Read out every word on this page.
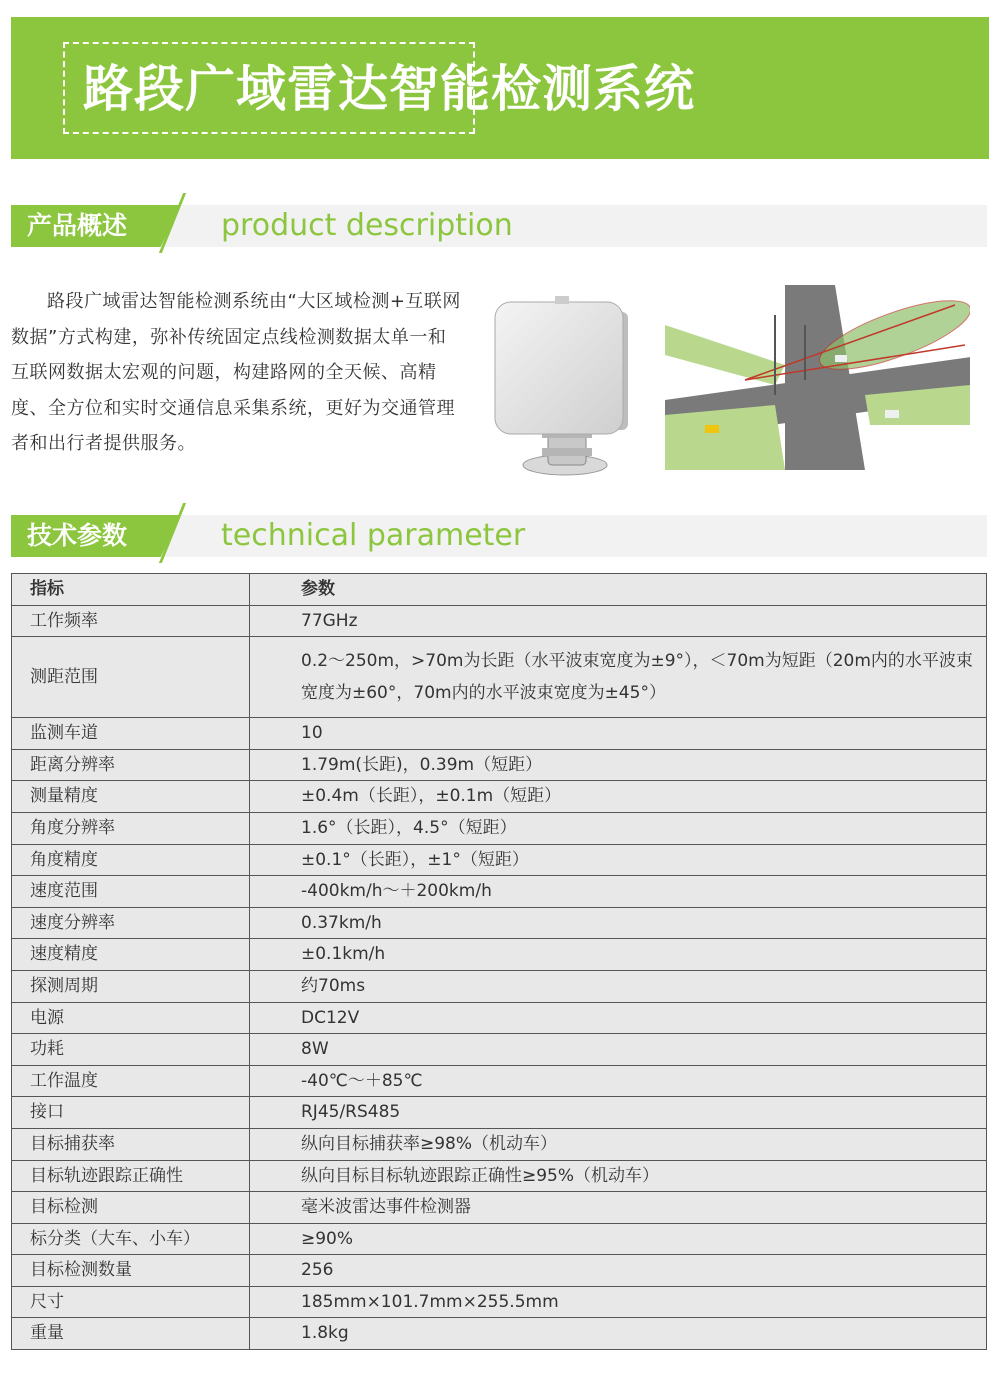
路段广域雷达智能检测系统
产品概述	product description
路段广域雷达智能检测系统由“大区域检测+互联网数据”方式构建，弥补传统固定点线检测数据太单一和互联网数据太宏观的问题，构建路网的全天候、高精度、全方位和实时交通信息采集系统，更好为交通管理者和出行者提供服务。
技术参数	technical parameter
指标	参数
工作频率	77GHz
测距范围	0.2～250m，>70m为长距（水平波束宽度为±9°），＜70m为短距（20m内的水平波束宽度为±60°，70m内的水平波束宽度为±45°）
监测车道	10
距离分辨率	1.79m(长距)，0.39m（短距）
测量精度	±0.4m（长距），±0.1m（短距）
角度分辨率	1.6°（长距），4.5°（短距）
角度精度	±0.1°（长距），±1°（短距）
速度范围	-400km/h～＋200km/h
速度分辨率	0.37km/h
速度精度	±0.1km/h
探测周期	约70ms
电源	DC12V
功耗	8W
工作温度	-40℃～＋85℃
接口	RJ45/RS485
目标捕获率	纵向目标捕获率≥98%（机动车）
目标轨迹跟踪正确性	纵向目标目标轨迹跟踪正确性≥95%（机动车）
目标检测	毫米波雷达事件检测器
标分类（大车、小车）	≥90%
目标检测数量	256
尺寸	185mm×101.7mm×255.5mm
重量	1.8kg
